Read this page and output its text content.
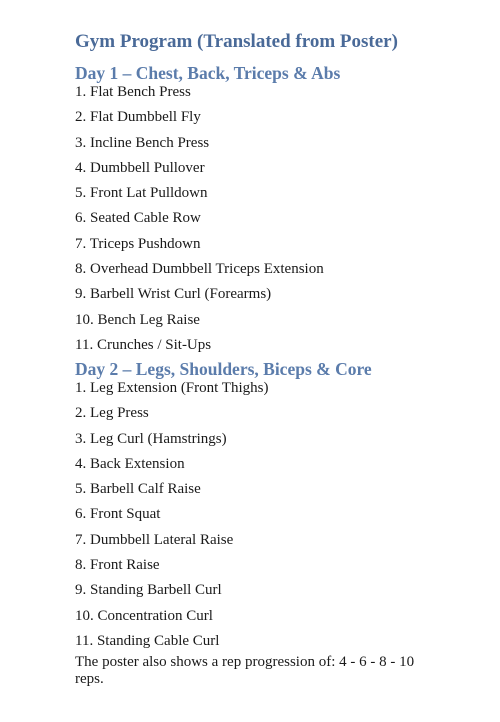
Gym Program (Translated from Poster)
Day 1 – Chest, Back, Triceps & Abs
1. Flat Bench Press
2. Flat Dumbbell Fly
3. Incline Bench Press
4. Dumbbell Pullover
5. Front Lat Pulldown
6. Seated Cable Row
7. Triceps Pushdown
8. Overhead Dumbbell Triceps Extension
9. Barbell Wrist Curl (Forearms)
10. Bench Leg Raise
11. Crunches / Sit-Ups
Day 2 – Legs, Shoulders, Biceps & Core
1. Leg Extension (Front Thighs)
2. Leg Press
3. Leg Curl (Hamstrings)
4. Back Extension
5. Barbell Calf Raise
6. Front Squat
7. Dumbbell Lateral Raise
8. Front Raise
9. Standing Barbell Curl
10. Concentration Curl
11. Standing Cable Curl

The poster also shows a rep progression of: 4 - 6 - 8 - 10 reps.
